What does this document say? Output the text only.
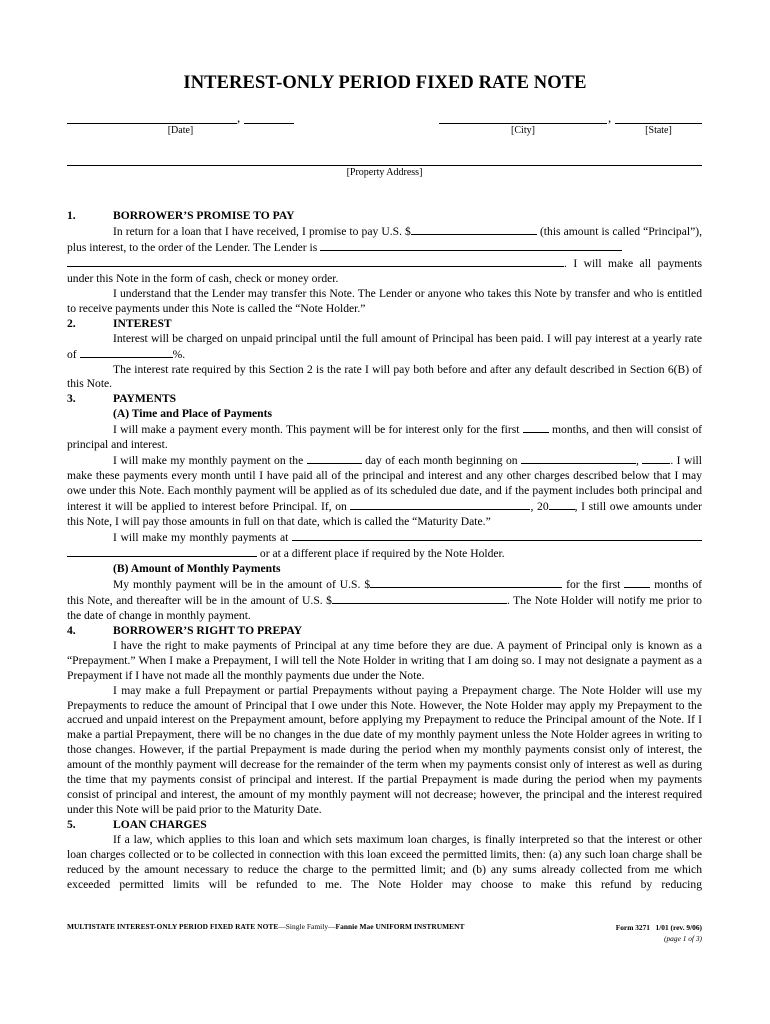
INTEREST-ONLY PERIOD FIXED RATE NOTE
,
[Date]
,
[City]	[State]
[Property Address]
1.	BORROWER’S PROMISE TO PAY

In return for a loan that I have received, I promise to pay U.S. $	(this amount is called “Principal”), plus interest, to the order of the Lender. The Lender is
. I will make all payments under this Note in the form of cash, check or money order.

I understand that the Lender may transfer this Note. The Lender or anyone who takes this Note by transfer and who is entitled to receive payments under this Note is called the “Note Holder.”

2.	INTEREST

Interest will be charged on unpaid principal until the full amount of Principal has been paid. I will pay interest at a yearly rate of	%.

The interest rate required by this Section 2 is the rate I will pay both before and after any default described in Section 6(B) of this Note.

3.	PAYMENTS
(A) Time and Place of Payments

I will make a payment every month. This payment will be for interest only for the first  months, and then will consist of principal and interest.

I will make my monthly payment on the	day of each month beginning on	, . I will make these payments every month until I have paid all of the principal and interest and any other charges described below that I may owe under this Note. Each monthly payment will be applied as of its scheduled due date, and if the payment includes both principal and interest it will be applied to interest before Principal. If, on	, 20 , I still owe amounts under this Note, I will pay those amounts in full on that date, which is called the “Maturity Date.”

I will make my monthly payments at

or at a different place if required by the Note Holder.

(B) Amount of Monthly Payments

My monthly payment will be in the amount of U.S. $	for the first  months of this Note, and thereafter will be in the amount of U.S. $	. The Note Holder will notify me prior to the date of change in monthly payment.

4.	BORROWER’S RIGHT TO PREPAY

I have the right to make payments of Principal at any time before they are due. A payment of Principal only is known as a “Prepayment.” When I make a Prepayment, I will tell the Note Holder in writing that I am doing so. I may not designate a payment as a Prepayment if I have not made all the monthly payments due under the Note.

I may make a full Prepayment or partial Prepayments without paying a Prepayment charge. The Note Holder will use my Prepayments to reduce the amount of Principal that I owe under this Note. However, the Note Holder may apply my Prepayment to the accrued and unpaid interest on the Prepayment amount, before applying my Prepayment to reduce the Principal amount of the Note. If I make a partial Prepayment, there will be no changes in the due date of my monthly payment unless the Note Holder agrees in writing to those changes. However, if the partial Prepayment is made during the period when my monthly payments consist only of interest, the amount of the monthly payment will decrease for the remainder of the term when my payments consist only of interest as well as during the time that my payments consist of principal and interest. If the partial Prepayment is made during the period when my payments consist of principal and interest, the amount of my monthly payment will not decrease; however, the principal and the interest required under this Note will be paid prior to the Maturity Date.

5.	LOAN CHARGES

If a law, which applies to this loan and which sets maximum loan charges, is finally interpreted so that the interest or other loan charges collected or to be collected in connection with this loan exceed the permitted limits, then: (a) any such loan charge shall be reduced by the amount necessary to reduce the charge to the permitted limit; and (b) any sums already collected from me which exceeded permitted limits will be refunded to me. The Note Holder may choose to make this refund by reducing

MULTISTATE INTEREST-ONLY PERIOD FIXED RATE NOTE—Single Family—Fannie Mae UNIFORM INSTRUMENT	Form 3271   1/01 (rev. 9/06)
(page 1 of 3)
